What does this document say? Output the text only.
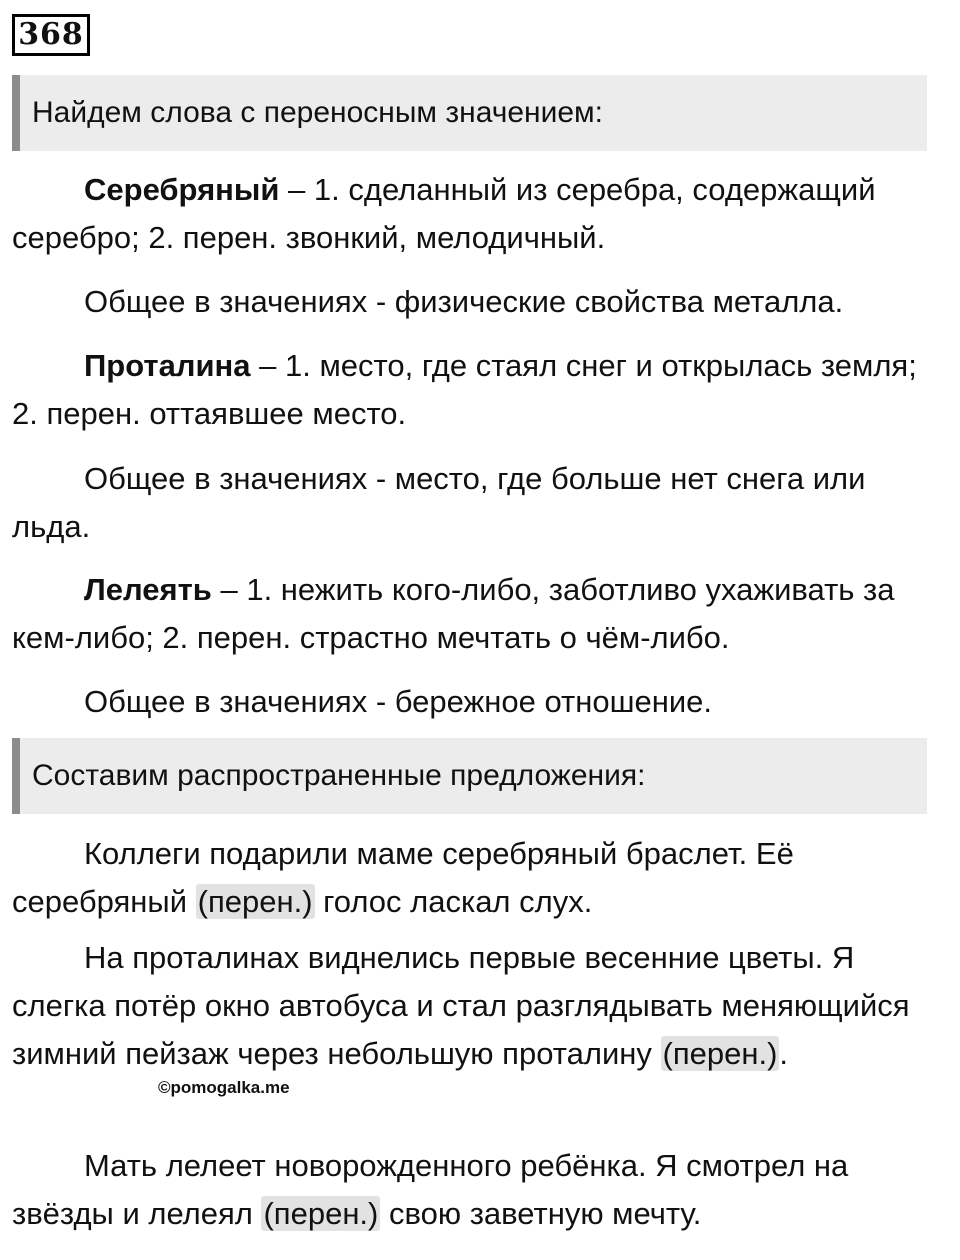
368
Найдем слова с переносным значением:

Серебряный – 1. сделанный из серебра, содержащий серебро; 2. перен. звонкий, мелодичный.

Общее в значениях - физические свойства металла.

Проталина – 1. место, где стаял снег и открылась земля; 2. перен. оттаявшее место.

Общее в значениях - место, где больше нет снега или льда.

Лелеять – 1. нежить кого-либо, заботливо ухаживать за кем-либо; 2. перен. страстно мечтать о чём-либо.

Общее в значениях - бережное отношение.

Составим распространенные предложения:

Коллеги подарили маме серебряный браслет. Её серебряный (перен.) голос ласкал слух.

На проталинах виднелись первые весенние цветы. Я слегка потёр окно автобуса и стал разглядывать меняющийся зимний пейзаж через небольшую проталину (перен.).

©pomogalka.me

Мать лелеет новорожденного ребёнка. Я смотрел на звёзды и лелеял (перен.) свою заветную мечту.
